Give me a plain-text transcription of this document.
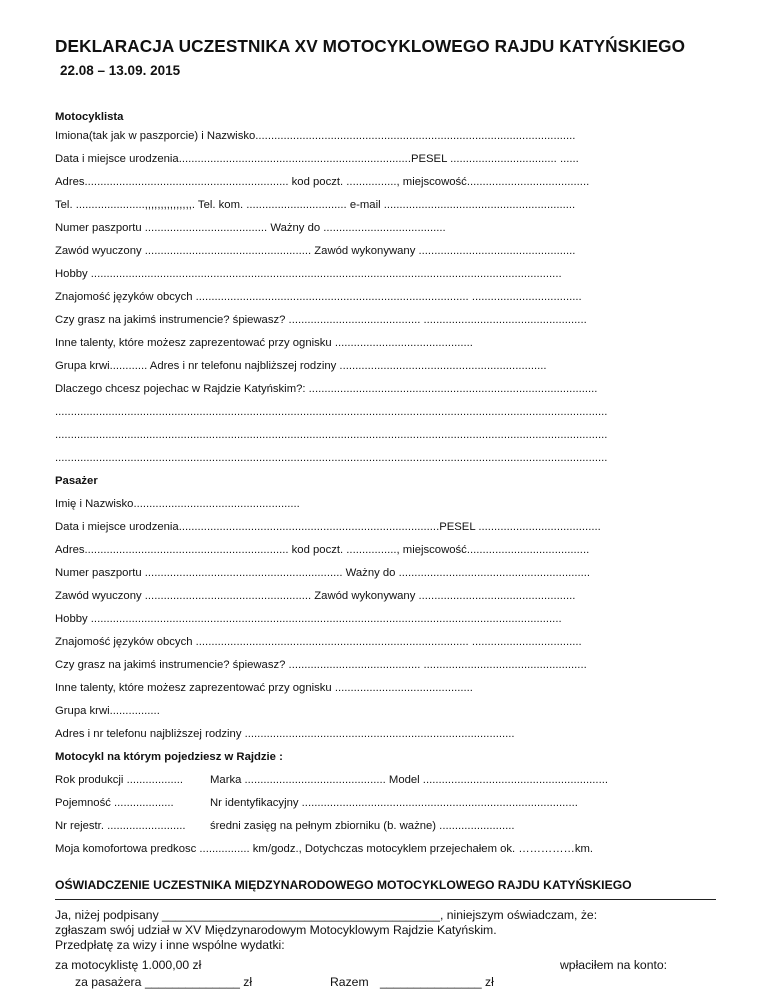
DEKLARACJA UCZESTNIKA XV MOTOCYKLOWEGO RAJDU KATYŃSKIEGO
22.08 – 13.09. 2015
Motocyklista
Imiona(tak jak w paszporcie) i Nazwisko......................................................................................................
Data i miejsce urodzenia..........................................................................PESEL .................................. ......
Adres................................................................. kod poczt. ................, miejscowość.......................................
Tel. ......................,,,,,,,,,,,,,,,. Tel. kom. ................................ e-mail .............................................................
Numer paszportu ....................................... Ważny do .......................................
Zawód wyuczony ..................................................... Zawód wykonywany ..................................................
Hobby ......................................................................................................................................................
Znajomość języków obcych ....................................................................................... ...................................
Czy grasz na jakimś instrumencie? śpiewasz? .......................................... ....................................................
Inne talenty, które możesz zaprezentować przy ognisku ............................................
Grupa krwi............ Adres i nr telefonu najbliższej rodziny ..................................................................
Dlaczego chcesz pojechac w Rajdzie Katyńskim?: ............................................................................................
................................................................................................................................................................................
................................................................................................................................................................................
................................................................................................................................................................................
Pasażer
Imię i Nazwisko.....................................................
Data i miejsce urodzenia...................................................................................PESEL .......................................
Adres................................................................. kod poczt. ................, miejscowość.......................................
Numer paszportu ............................................................... Ważny do .............................................................
Zawód wyuczony ..................................................... Zawód wykonywany ..................................................
Hobby ......................................................................................................................................................
Znajomość języków obcych ....................................................................................... ...................................
Czy grasz na jakimś instrumencie? śpiewasz? .......................................... ....................................................
Inne talenty, które możesz zaprezentować przy ognisku ............................................
Grupa krwi................
Adres i nr telefonu najbliższej rodziny ......................................................................................
Motocykl na którym pojedziesz w Rajdzie :
Rok produkcji .................. Marka ............................................. Model ...........................................................
Pojemność ...................	Nr identyfikacyjny ........................................................................................
Nr rejestr. ......................... średni zasięg na pełnym zbiorniku (b. ważne) ........................
Moja komofortowa predkosc ................ km/godz., Dotychczas motocyklem przejechałem ok. ……………km.
OŚWIADCZENIE UCZESTNIKA MIĘDZYNARODOWEGO MOTOCYKLOWEGO RAJDU KATYŃSKIEGO
Ja, niżej podpisany _________________________________________, niniejszym oświadczam, że:
zgłaszam swój udział w XV Międzynarodowym Motocyklowym Rajdzie Katyńskim.
Przedpłatę za wizy i inne wspólne wydatki:
za motocyklistę 1.000,00 zł
za pasażera ______________ zł	Razem _______________ zł
wpłaciłem na konto:
